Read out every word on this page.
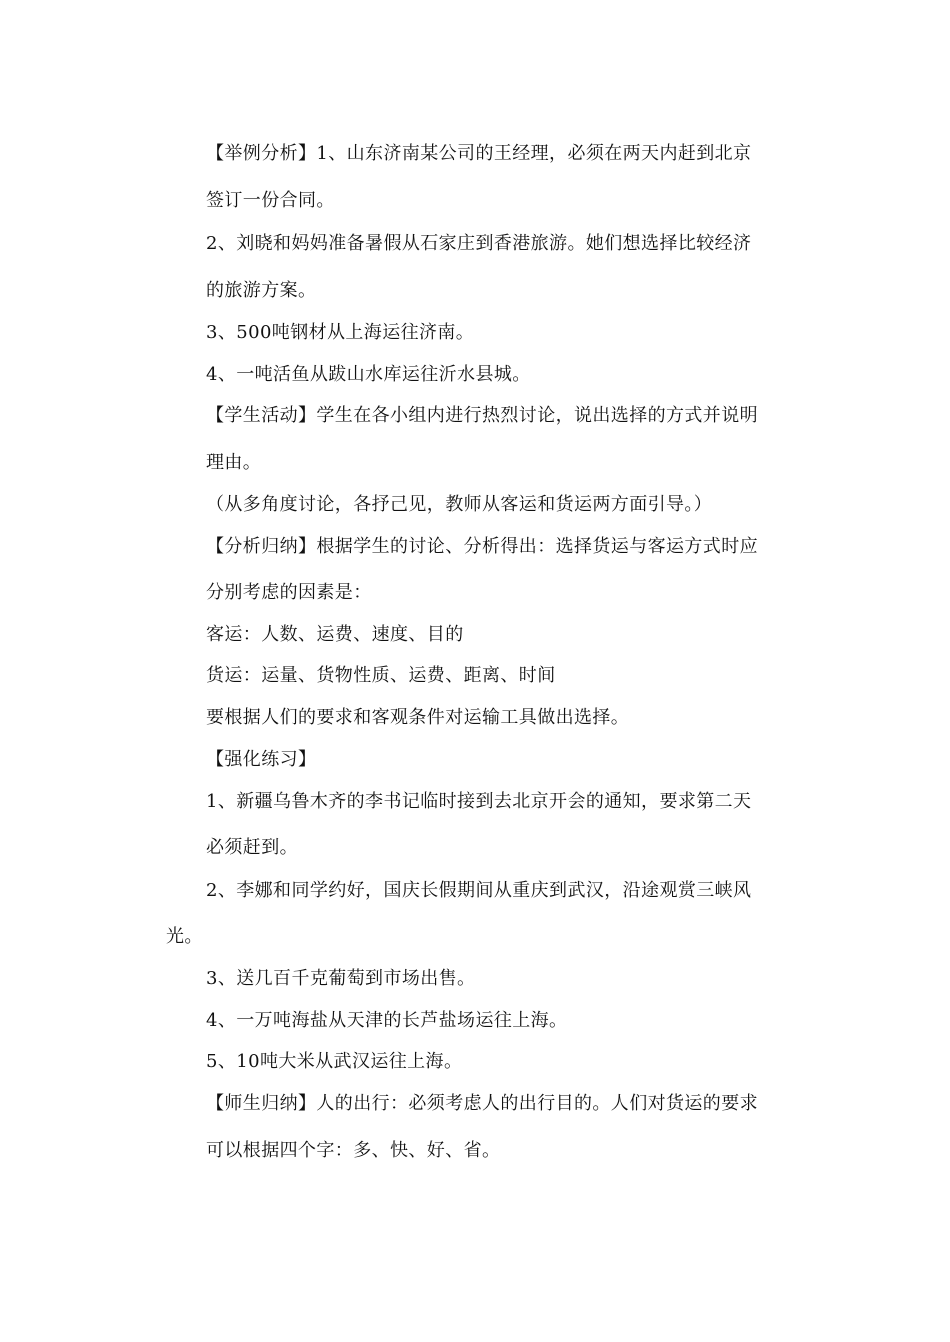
【举例分析】1、山东济南某公司的王经理，必须在两天内赶到北京
签订一份合同。
2、刘晓和妈妈准备暑假从石家庄到香港旅游。她们想选择比较经济
的旅游方案。
3、500吨钢材从上海运往济南。
4、一吨活鱼从跋山水库运往沂水县城。
【学生活动】学生在各小组内进行热烈讨论，说出选择的方式并说明
理由。
（从多角度讨论，各抒己见，教师从客运和货运两方面引导。）
【分析归纳】根据学生的讨论、分析得出：选择货运与客运方式时应
分别考虑的因素是：
客运：人数、运费、速度、目的
货运：运量、货物性质、运费、距离、时间
要根据人们的要求和客观条件对运输工具做出选择。
【强化练习】
1、新疆乌鲁木齐的李书记临时接到去北京开会的通知，要求第二天
必须赶到。
2、李娜和同学约好，国庆长假期间从重庆到武汉，沿途观赏三峡风
光。
3、送几百千克葡萄到市场出售。
4、一万吨海盐从天津的长芦盐场运往上海。
5、10吨大米从武汉运往上海。
【师生归纳】人的出行：必须考虑人的出行目的。人们对货运的要求
可以根据四个字：多、快、好、省。
